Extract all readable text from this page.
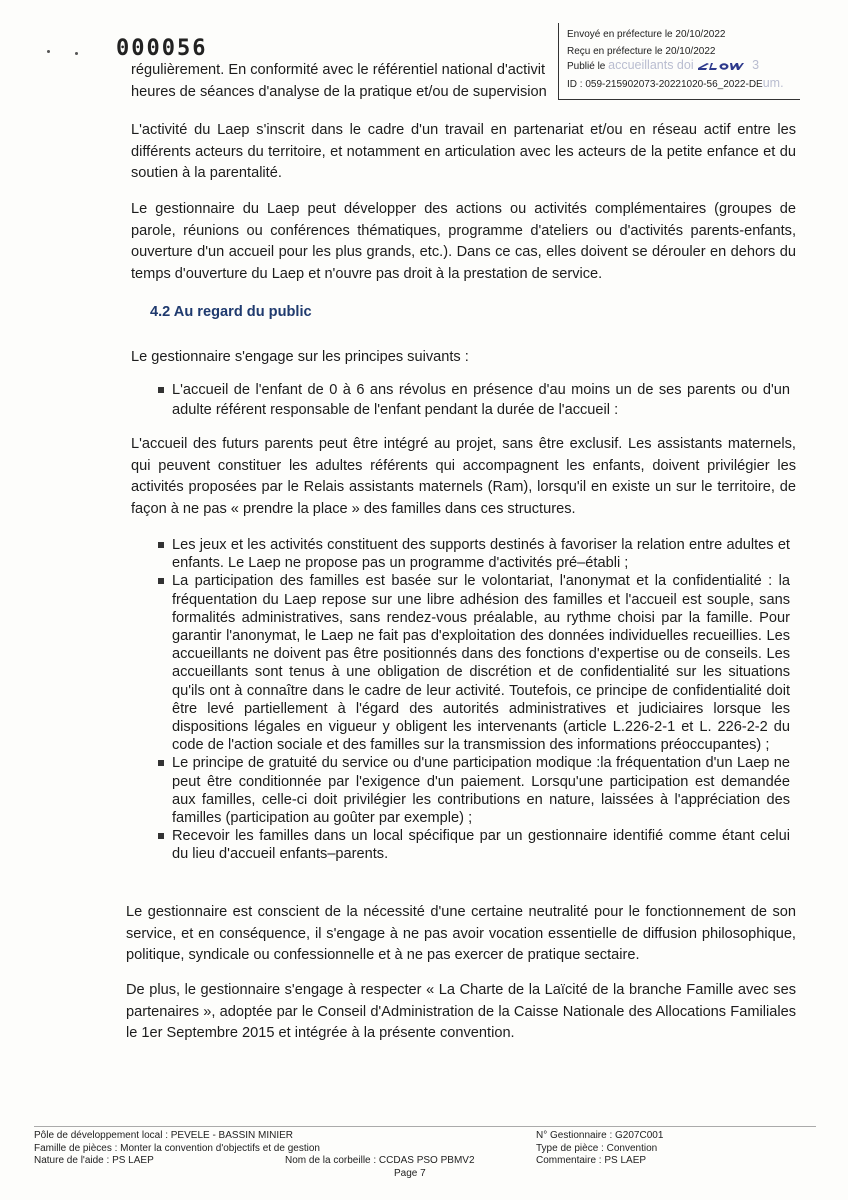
000056

régulièrement. En conformité avec le référentiel national d'activit

heures de séances d'analyse de la pratique et/ou de supervision

L'activité du Laep s'inscrit dans le cadre d'un travail en partenariat et/ou en réseau actif entre les différents acteurs du territoire, et notamment en articulation avec les acteurs de la petite enfance et du soutien à la parentalité.

Le gestionnaire du Laep peut développer des actions ou activités complémentaires (groupes de parole, réunions ou conférences thématiques, programme d'ateliers ou d'activités parents-enfants, ouverture d'un accueil pour les plus grands, etc.). Dans ce cas, elles doivent se dérouler en dehors du temps d'ouverture du Laep et n'ouvre pas droit à la prestation de service.

4.2 Au regard du public

Le gestionnaire s'engage sur les principes suivants :

L'accueil de l'enfant de 0 à 6 ans révolus en présence d'au moins un de ses parents ou d'un adulte référent responsable de l'enfant pendant la durée de l'accueil :

L'accueil des futurs parents peut être intégré au projet, sans être exclusif. Les assistants maternels, qui peuvent constituer les adultes référents qui accompagnent les enfants, doivent privilégier les activités proposées par le Relais assistants maternels (Ram), lorsqu'il en existe un sur le territoire, de façon à ne pas « prendre la place » des familles dans ces structures.

Les jeux et les activités constituent des supports destinés à favoriser la relation entre adultes et enfants. Le Laep ne propose pas un programme d'activités pré–établi ;
La participation des familles est basée sur le volontariat, l'anonymat et la confidentialité : la fréquentation du Laep repose sur une libre adhésion des familles et l'accueil est souple, sans formalités administratives, sans rendez-vous préalable, au rythme choisi par la famille. Pour garantir l'anonymat, le Laep ne fait pas d'exploitation des données individuelles recueillies. Les accueillants ne doivent pas être positionnés dans des fonctions d'expertise ou de conseils. Les accueillants sont tenus à une obligation de discrétion et de confidentialité sur les situations qu'ils ont à connaître dans le cadre de leur activité. Toutefois, ce principe de confidentialité doit être levé partiellement à l'égard des autorités administratives et judiciaires lorsque les dispositions légales en vigueur y obligent les intervenants (article L.226-2-1 et L. 226-2-2 du code de l'action sociale et des familles sur la transmission des informations préoccupantes) ;
Le principe de gratuité du service ou d'une participation modique :la fréquentation d'un Laep ne peut être conditionnée par l'exigence d'un paiement. Lorsqu'une participation est demandée aux familles, celle-ci doit privilégier les contributions en nature, laissées à l'appréciation des familles (participation au goûter par exemple) ;
Recevoir les familles dans un local spécifique par un gestionnaire identifié comme étant celui du lieu d'accueil enfants–parents.

Le gestionnaire est conscient de la nécessité d'une certaine neutralité pour le fonctionnement de son service, et en conséquence, il s'engage à ne pas avoir vocation essentielle de diffusion philosophique, politique, syndicale ou confessionnelle et à ne pas exercer de pratique sectaire.

De plus, le gestionnaire s'engage à respecter « La Charte de la Laïcité de la branche Famille avec ses partenaires », adoptée par le Conseil d'Administration de la Caisse Nationale des Allocations Familiales le 1er Septembre 2015 et intégrée à la présente convention.

Envoyé en préfecture le 20/10/2022
Reçu en préfecture le 20/10/2022
Publié le accueillants doi	3
ID : 059-215902073-20221020-56_2022-DEum.
Pôle de développement local : PEVELE - BASSIN MINIER
Famille de pièces : Monter la convention d'objectifs et de gestion
Nature de l'aide : PS LAEP	Nom de la corbeille : CCDAS PSO PBMV2
Page 7
N° Gestionnaire : G207C001
Type de pièce : Convention
Commentaire : PS LAEP
